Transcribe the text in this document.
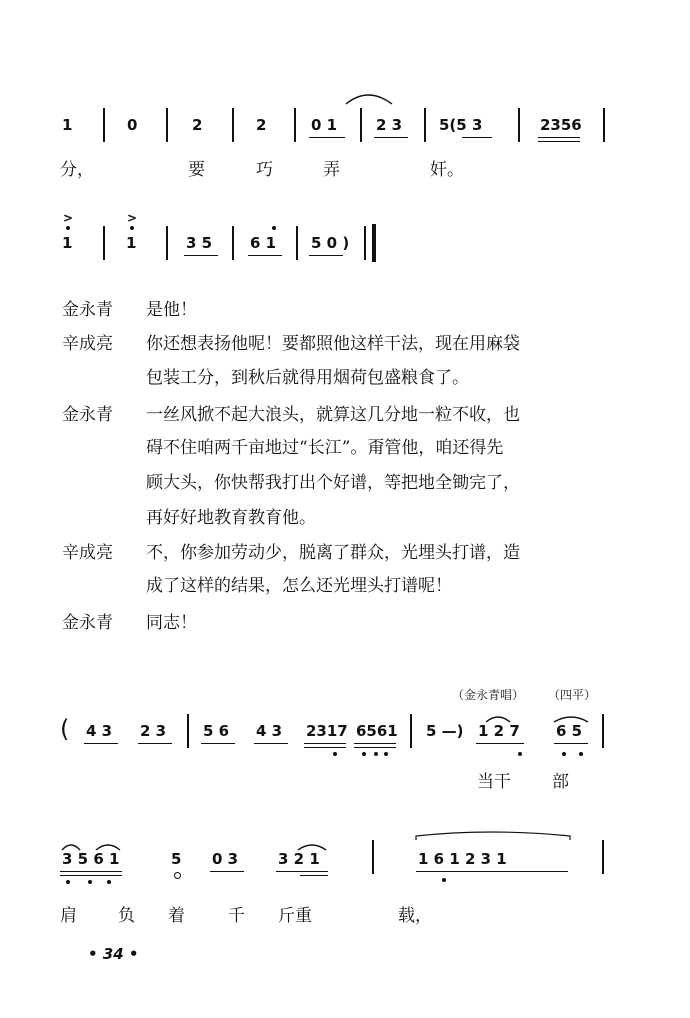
1	0	2	2	0 1	2 3 5(5 3	2356
分，	要	巧	弄	奸。
>
1
>
1	3 5	6 1 5 0 )
金永青 是他！
辛成亮 你还想表扬他呢！要都照他这样干法，现在用麻袋
包装工分，到秋后就得用烟荷包盛粮食了。
金永青 一丝风掀不起大浪头，就算这几分地一粒不收，也
碍不住咱两千亩地过“长江”。甭管他，咱还得先
顾大头，你快帮我打出个好谱，等把地全锄完了，
再好好地教育教育他。
辛成亮 不，你参加劳动少，脱离了群众，光埋头打谱，造
成了这样的结果，怎么还光埋头打谱呢！
金永青 同志！
（金永青唱） （四平）
( 4 3 2 3 5 6 4 3 2317 6561 5 —) 1 2 7 6 5
当干 部
3 5 6 1	5 0 3	3 2 1	1 6 1 2 3 1
肩 负 着	千 斤重	载，
• 34 •
